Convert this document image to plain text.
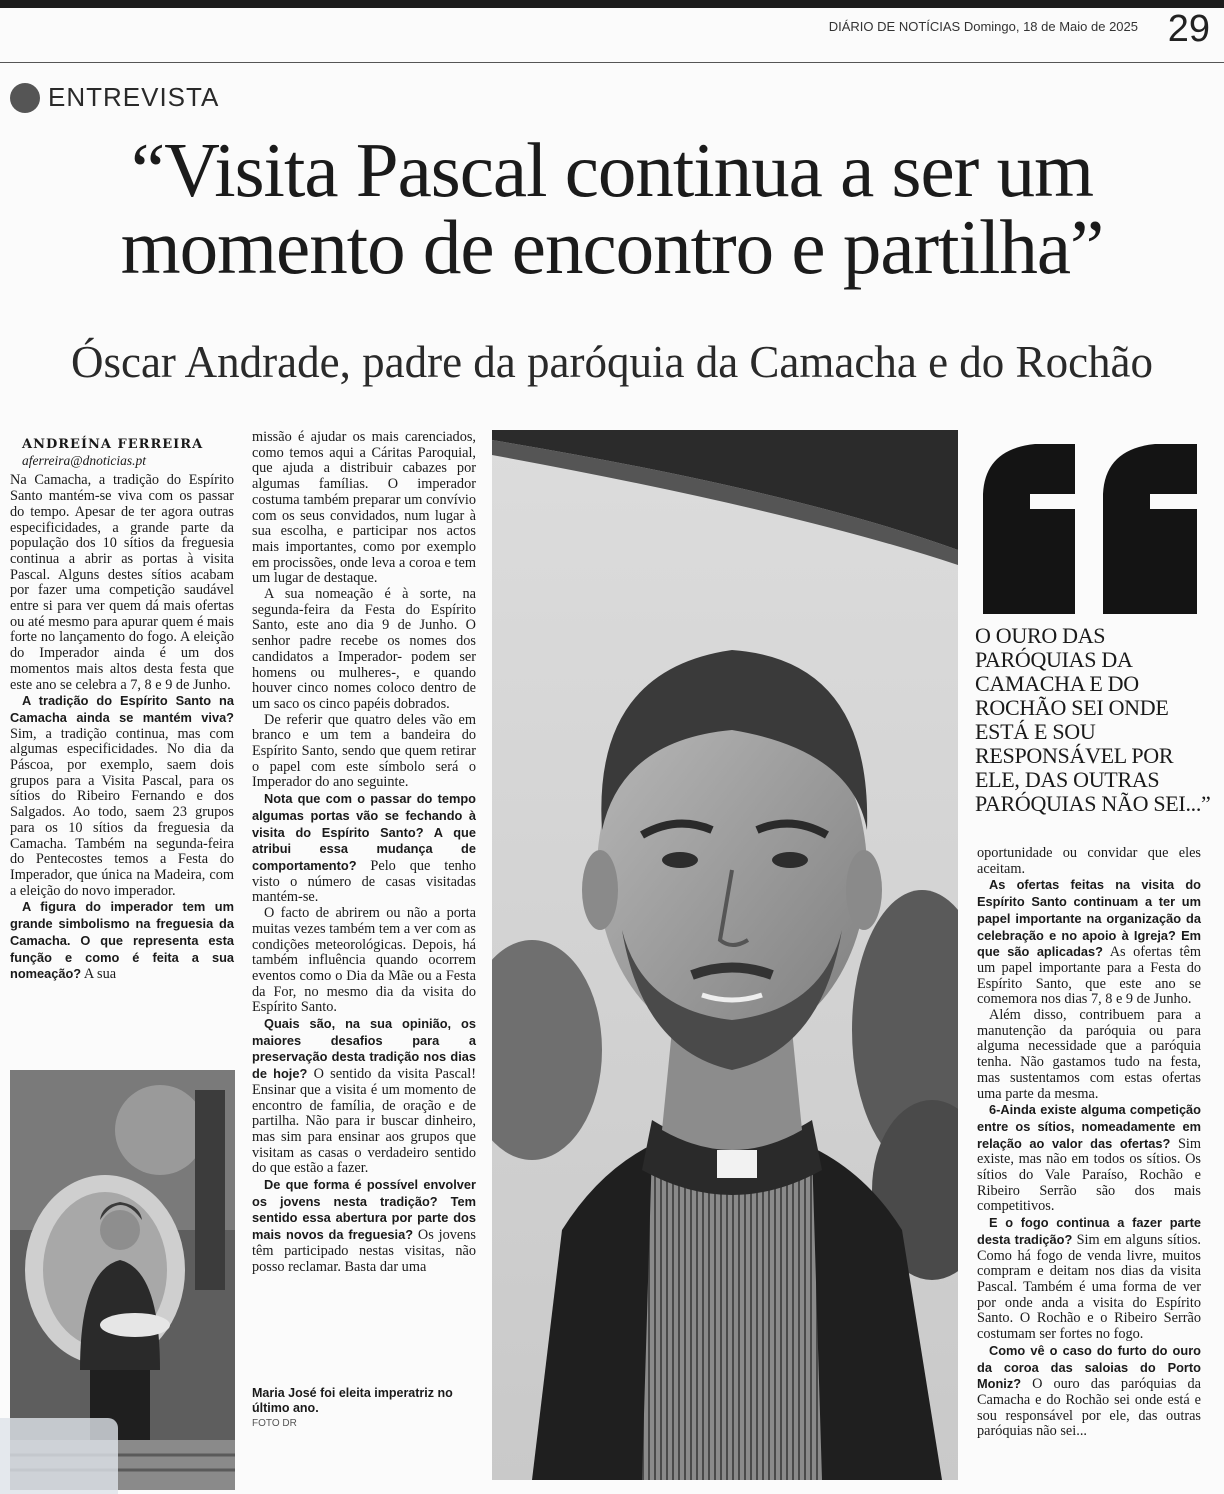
DIÁRIO DE NOTÍCIAS Domingo, 18 de Maio de 2025 29
ENTREVISTA
“Visita Pascal continua a ser um
momento de encontro e partilha”
Óscar Andrade, padre da paróquia da Camacha e do Rochão

ANDREÍNA FERREIRA

aferreira@dnoticias.pt

Na Camacha, a tradição do Espírito Santo mantém-se viva com os passar do tempo. Apesar de ter agora outras especificidades, a grande parte da população dos 10 sítios da freguesia continua a abrir as portas à visita Pascal. Alguns destes sítios acabam por fazer uma competição saudável entre si para ver quem dá mais ofertas ou até mesmo para apurar quem é mais forte no lançamento do fogo. A eleição do Imperador ainda é um dos momentos mais altos desta festa que este ano se celebra a 7, 8 e 9 de Junho.

A tradição do Espírito Santo na Camacha ainda se mantém viva? Sim, a tradição continua, mas com algumas especificidades. No dia da Páscoa, por exemplo, saem dois grupos para a Visita Pascal, para os sítios do Ribeiro Fernando e dos Salgados. Ao todo, saem 23 grupos para os 10 sítios da freguesia da Camacha. Também na segunda-feira do Pentecostes temos a Festa do Imperador, que única na Madeira, com a eleição do novo imperador.

A figura do imperador tem um grande simbolismo na freguesia da Camacha. O que representa esta função e como é feita a sua nomeação? A sua

missão é ajudar os mais carenciados, como temos aqui a Cáritas Paroquial, que ajuda a distribuir cabazes por algumas famílias. O imperador costuma também preparar um convívio com os seus convidados, num lugar à sua escolha, e participar nos actos mais importantes, como por exemplo em procissões, onde leva a coroa e tem um lugar de destaque.

A sua nomeação é à sorte, na segunda-feira da Festa do Espírito Santo, este ano dia 9 de Junho. O senhor padre recebe os nomes dos candidatos a Imperador- podem ser homens ou mulheres-, e quando houver cinco nomes coloco dentro de um saco os cinco papéis dobrados.

De referir que quatro deles vão em branco e um tem a bandeira do Espírito Santo, sendo que quem retirar o papel com este símbolo será o Imperador do ano seguinte.

Nota que com o passar do tempo algumas portas vão se fechando à visita do Espírito Santo? A que atribui essa mudança de comportamento? Pelo que tenho visto o número de casas visitadas mantém-se.

O facto de abrirem ou não a porta muitas vezes também tem a ver com as condições meteorológicas. Depois, há também influência quando ocorrem eventos como o Dia da Mãe ou a Festa da For, no mesmo dia da visita do Espírito Santo.

Quais são, na sua opinião, os maiores desafios para a preservação desta tradição nos dias de hoje? O sentido da visita Pascal! Ensinar que a visita é um momento de encontro de família, de oração e de partilha. Não para ir buscar dinheiro, mas sim para ensinar aos grupos que visitam as casas o verdadeiro sentido do que estão a fazer.

De que forma é possível envolver os jovens nesta tradição? Tem sentido essa abertura por parte dos mais novos da freguesia? Os jovens têm participado nestas visitas, não posso reclamar. Basta dar uma

oportunidade ou convidar que eles aceitam.

As ofertas feitas na visita do Espírito Santo continuam a ter um papel importante na organização da celebração e no apoio à Igreja? Em que são aplicadas? As ofertas têm um papel importante para a Festa do Espírito Santo, que este ano se comemora nos dias 7, 8 e 9 de Junho.

Além disso, contribuem para a manutenção da paróquia ou para alguma necessidade que a paróquia tenha. Não gastamos tudo na festa, mas sustentamos com estas ofertas uma parte da mesma.

6-Ainda existe alguma competição entre os sítios, nomeadamente em relação ao valor das ofertas? Sim existe, mas não em todos os sítios. Os sítios do Vale Paraíso, Rochão e Ribeiro Serrão são dos mais competitivos.

E o fogo continua a fazer parte desta tradição? Sim em alguns sítios. Como há fogo de venda livre, muitos compram e deitam nos dias da visita Pascal. Também é uma forma de ver por onde anda a visita do Espírito Santo. O Rochão e o Ribeiro Serrão costumam ser fortes no fogo.

Como vê o caso do furto do ouro da coroa das saloias do Porto Moniz? O ouro das paróquias da Camacha e do Rochão sei onde está e sou responsável por ele, das outras paróquias não sei...

Maria José foi eleita imperatriz no último ano.
FOTO DR
O OURO DAS PARÓQUIAS DA CAMACHA E DO ROCHÃO SEI ONDE ESTÁ E SOU RESPONSÁVEL POR ELE, DAS OUTRAS PARÓQUIAS NÃO SEI...”
